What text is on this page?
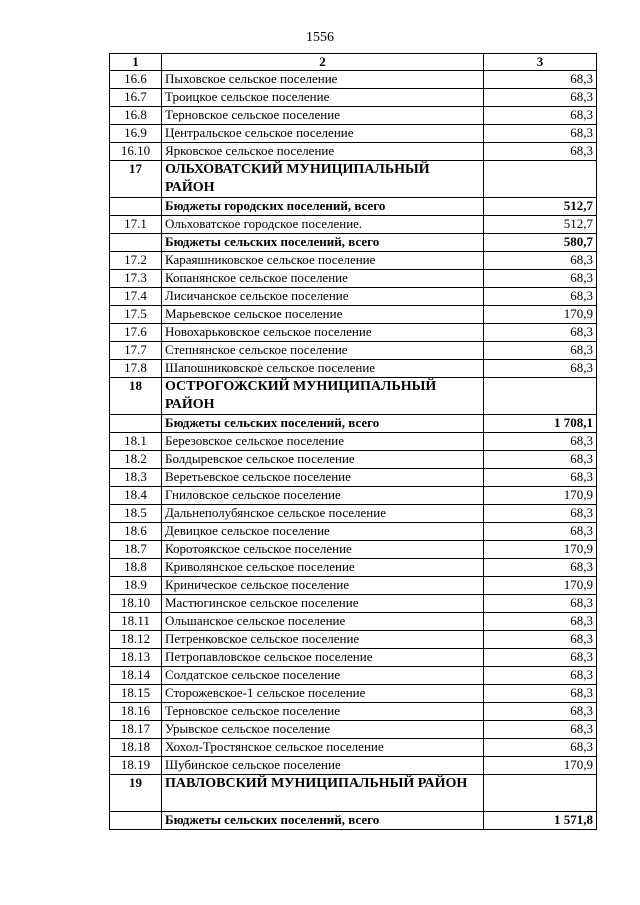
1556
1	2	3
16.6	Пыховское сельское поселение	68,3
16.7	Троицкое сельское поселение	68,3
16.8	Терновское сельское поселение	68,3
16.9	Центральское сельское поселение	68,3
16.10	Ярковское сельское поселение	68,3
17	ОЛЬХОВАТСКИЙ МУНИЦИПАЛЬНЫЙ РАЙОН	
	Бюджеты городских поселений, всего	512,7
17.1	Ольховатское городское поселение.	512,7
	Бюджеты сельских поселений, всего	580,7
17.2	Караяшниковское сельское поселение	68,3
17.3	Копанянское сельское поселение	68,3
17.4	Лисичанское сельское поселение	68,3
17.5	Марьевское сельское поселение	170,9
17.6	Новохарьковское сельское поселение	68,3
17.7	Степнянское сельское поселение	68,3
17.8	Шапошниковское сельское поселение	68,3
18	ОСТРОГОЖСКИЙ МУНИЦИПАЛЬНЫЙ РАЙОН	
	Бюджеты сельских поселений, всего	1 708,1
18.1	Березовское сельское поселение	68,3
18.2	Болдыревское сельское поселение	68,3
18.3	Веретьевское сельское поселение	68,3
18.4	Гниловское сельское поселение	170,9
18.5	Дальнеполубянское сельское поселение	68,3
18.6	Девицкое сельское поселение	68,3
18.7	Коротоякское сельское поселение	170,9
18.8	Криволянское сельское поселение	68,3
18.9	Криничеcкое сельское поселение	170,9
18.10	Мастюгинское сельское поселение	68,3
18.11	Ольшанское сельское поселение	68,3
18.12	Петренковское сельское поселение	68,3
18.13	Петропавловское сельское поселение	68,3
18.14	Солдатское сельское поселение	68,3
18.15	Сторожевское-1 сельское поселение	68,3
18.16	Терновское сельское поселение	68,3
18.17	Урывское сельское поселение	68,3
18.18	Хохол-Тростянское сельское поселение	68,3
18.19	Шубинское сельское поселение	170,9
19	ПАВЛОВСКИЙ МУНИЦИПАЛЬНЫЙ РАЙОН	
	Бюджеты сельских поселений, всего	1 571,8
